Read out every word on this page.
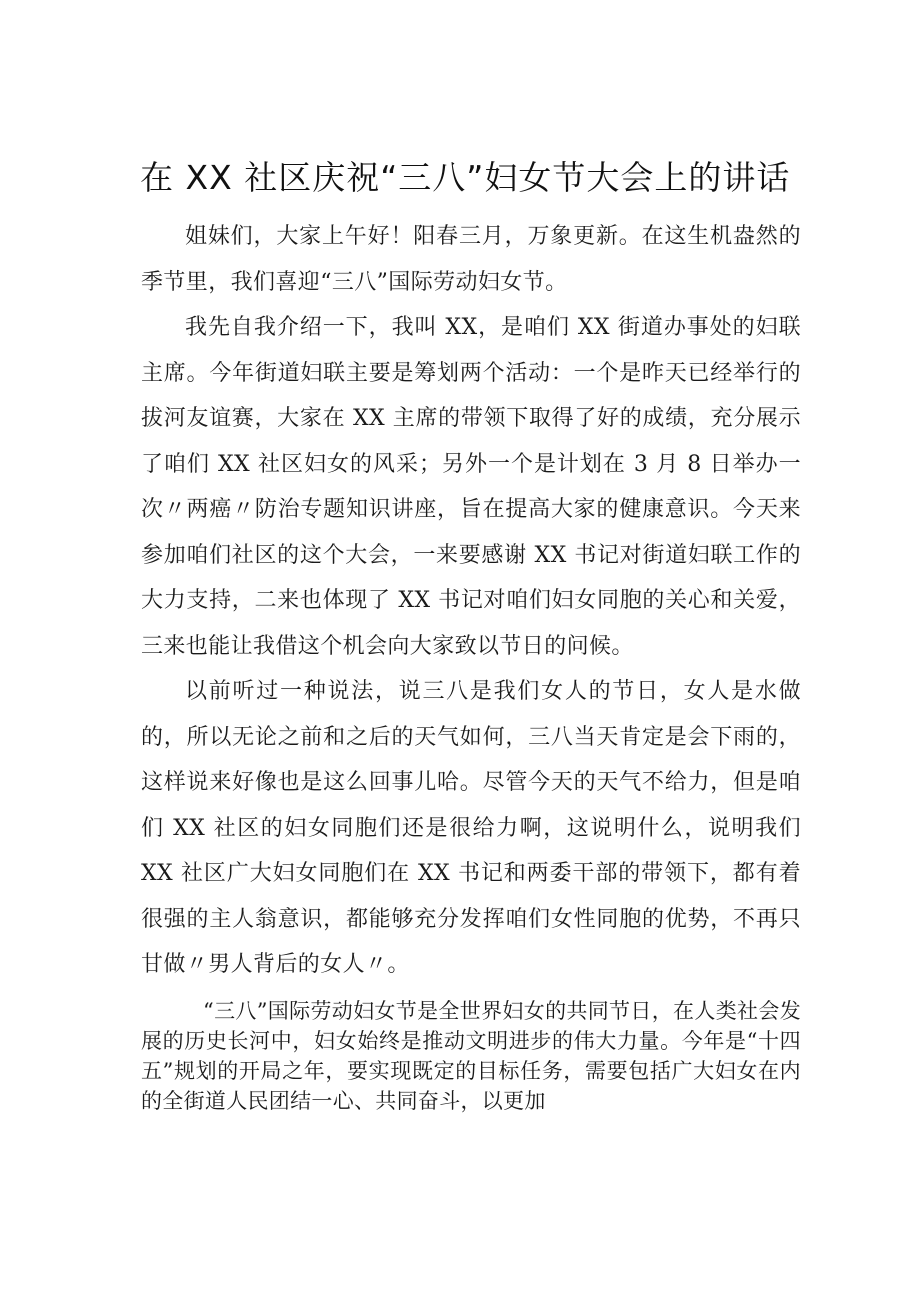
在 XX 社区庆祝“三八”妇女节大会上的讲话

姐妹们，大家上午好！阳春三月，万象更新。在这生机盎然的季节里，我们喜迎“三八”国际劳动妇女节。

我先自我介绍一下，我叫 XX，是咱们 XX 街道办事处的妇联主席。今年街道妇联主要是筹划两个活动：一个是昨天已经举行的拔河友谊赛，大家在 XX 主席的带领下取得了好的成绩，充分展示了咱们 XX 社区妇女的风采；另外一个是计划在 3 月 8 日举办一次〃两癌〃防治专题知识讲座，旨在提高大家的健康意识。今天来参加咱们社区的这个大会，一来要感谢 XX 书记对街道妇联工作的大力支持，二来也体现了 XX 书记对咱们妇女同胞的关心和关爱，三来也能让我借这个机会向大家致以节日的问候。

以前听过一种说法，说三八是我们女人的节日，女人是水做的，所以无论之前和之后的天气如何，三八当天肯定是会下雨的，这样说来好像也是这么回事儿哈。尽管今天的天气不给力，但是咱们 XX 社区的妇女同胞们还是很给力啊，这说明什么，说明我们 XX 社区广大妇女同胞们在 XX 书记和两委干部的带领下，都有着很强的主人翁意识，都能够充分发挥咱们女性同胞的优势，不再只甘做〃男人背后的女人〃。

“三八”国际劳动妇女节是全世界妇女的共同节日，在人类社会发展的历史长河中，妇女始终是推动文明进步的伟大力量。今年是“十四五”规划的开局之年，要实现既定的目标任务，需要包括广大妇女在内的全街道人民团结一心、共同奋斗，以更加
